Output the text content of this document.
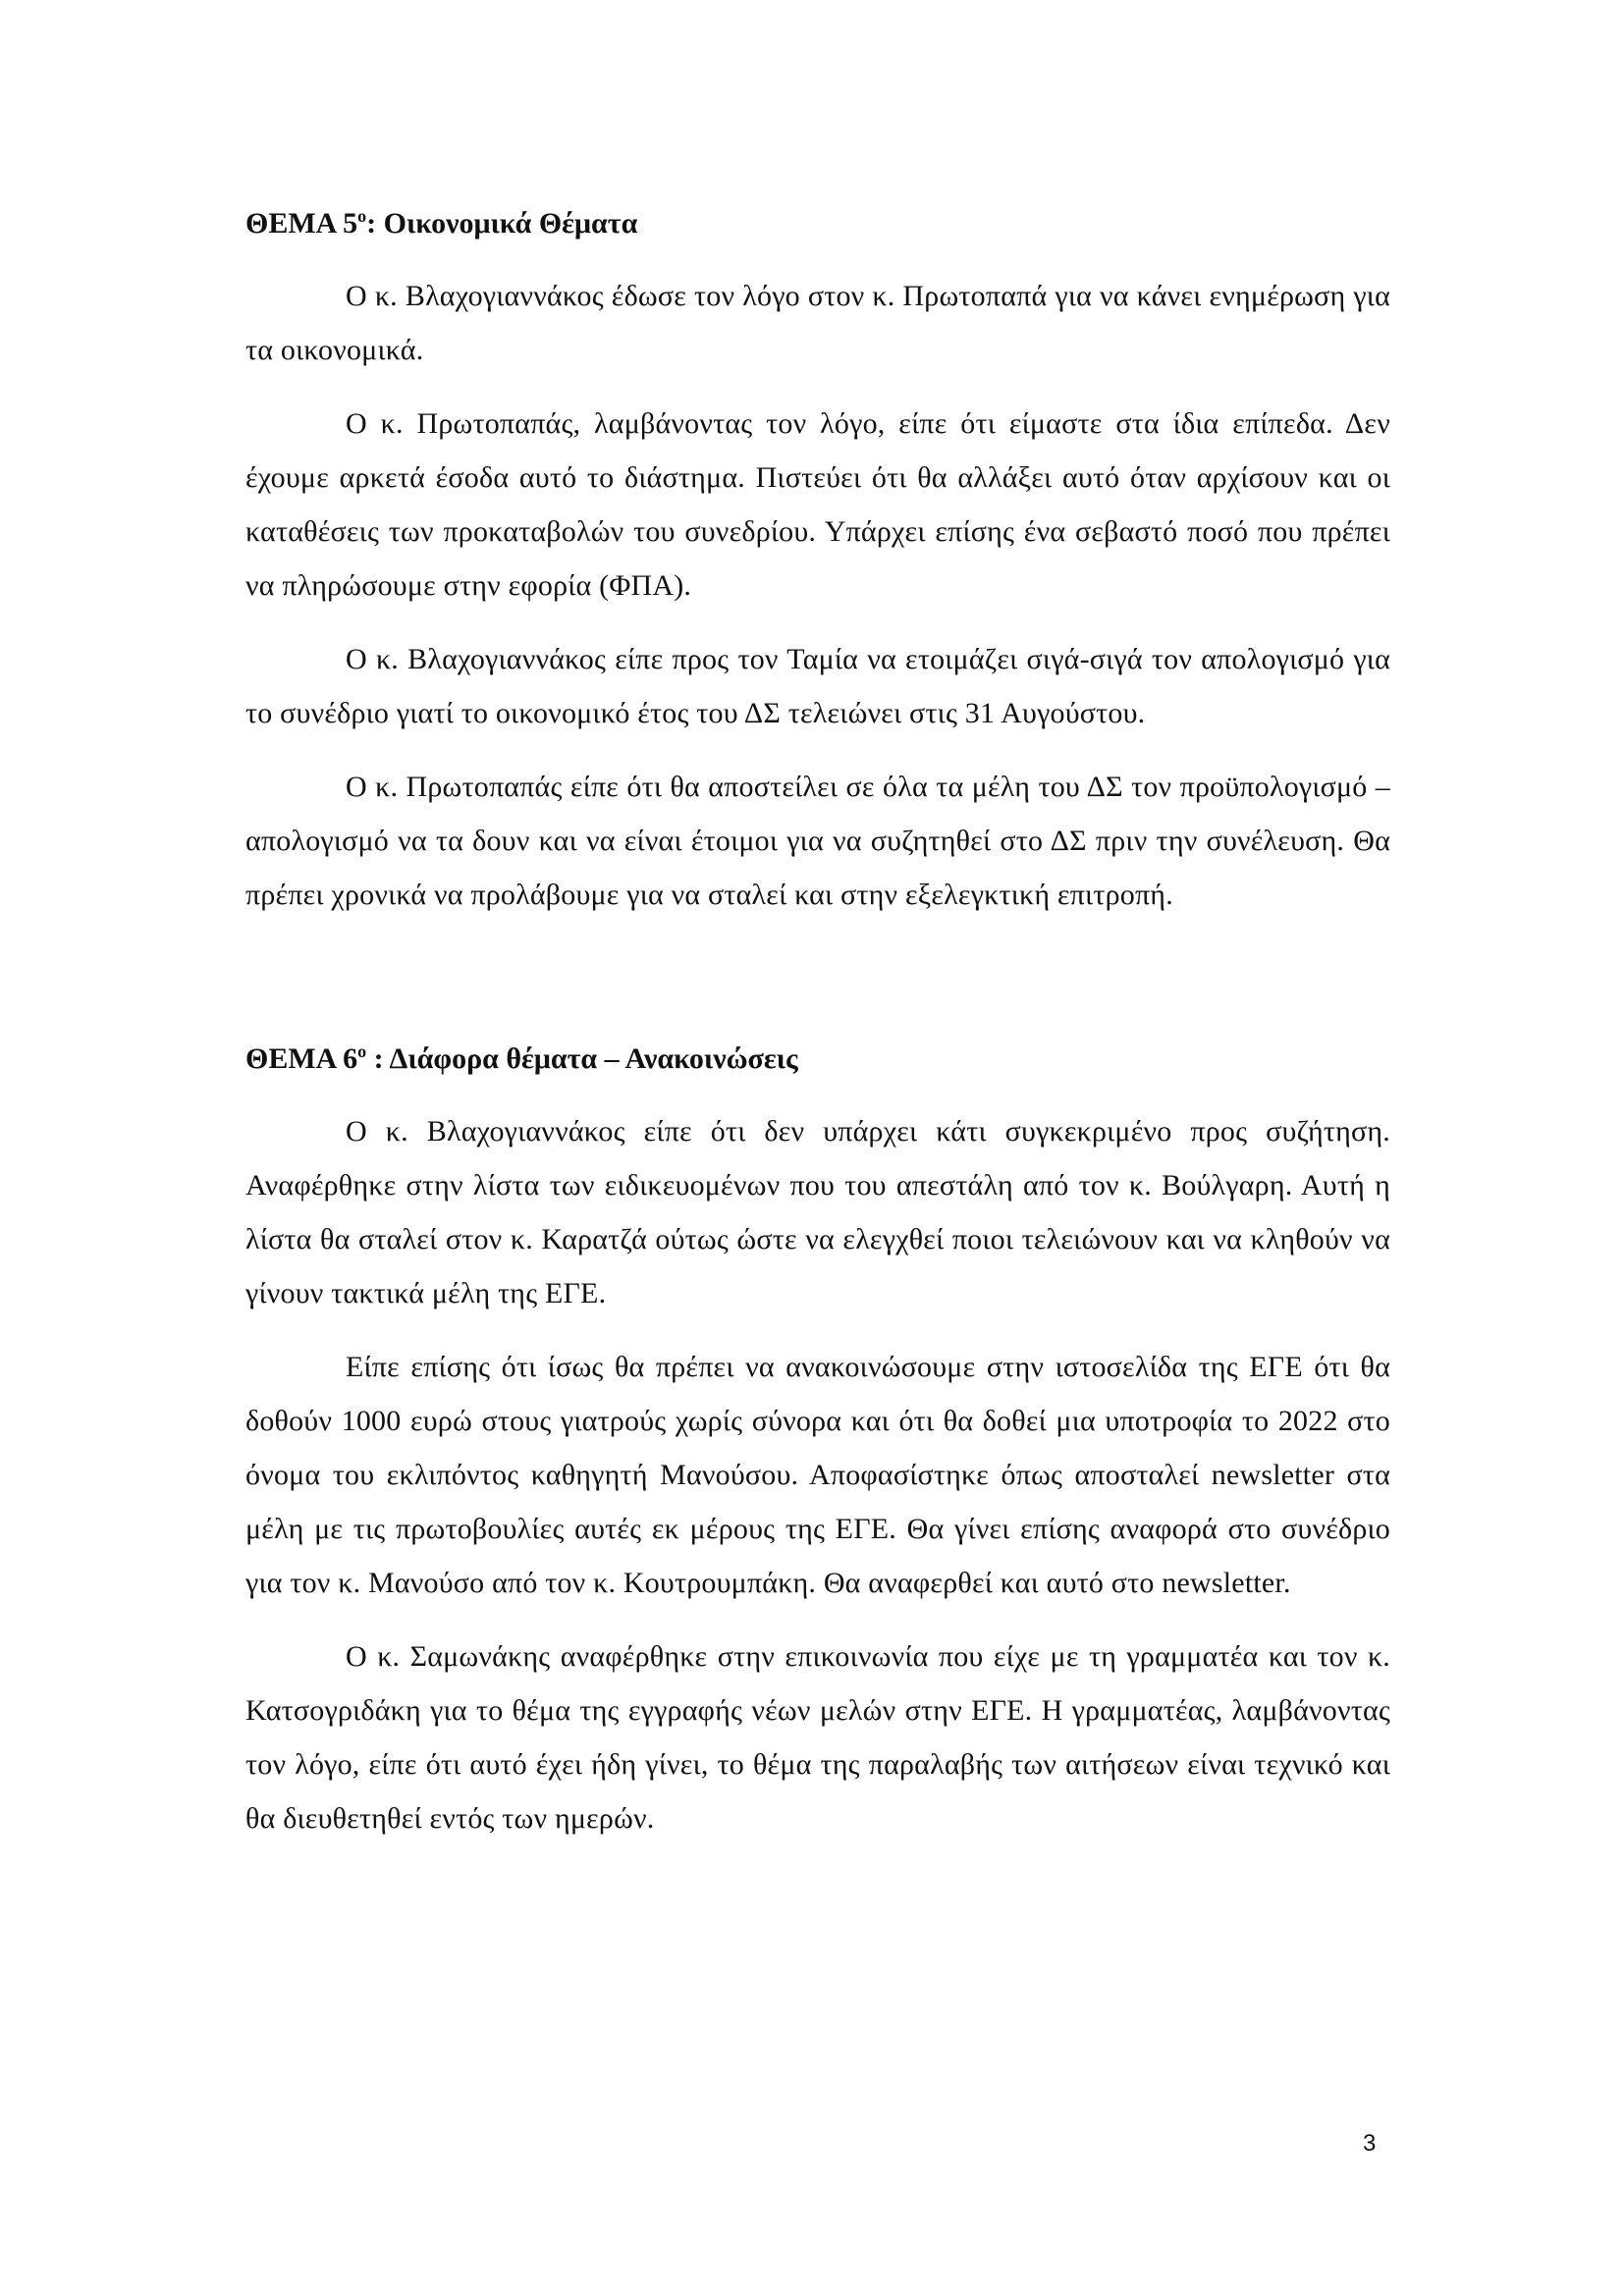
ΘΕΜΑ $5^o$: Οικονομικά Θέματα

Ο κ. Βλαχογιαννάκος έδωσε τον λόγο στον κ. Πρωτοπαπά για να κάνει ενημέρωση για τα οικονομικά.

Ο κ. Πρωτοπαπάς, λαμβάνοντας τον λόγο, είπε ότι είμαστε στα ίδια επίπεδα. Δεν έχουμε αρκετά έσοδα αυτό το διάστημα. Πιστεύει ότι θα αλλάξει αυτό όταν αρχίσουν και οι καταθέσεις των προκαταβολών του συνεδρίου. Υπάρχει επίσης ένα σεβαστό ποσό που πρέπει να πληρώσουμε στην εφορία (ΦΠΑ).

Ο κ. Βλαχογιαννάκος είπε προς τον Ταμία να ετοιμάζει σιγά-σιγά τον απολογισμό για το συνέδριο γιατί το οικονομικό έτος του ΔΣ τελειώνει στις 31 Αυγούστου.

Ο κ. Πρωτοπαπάς είπε ότι θα αποστείλει σε όλα τα μέλη του ΔΣ τον προϋπολογισμό – απολογισμό να τα δουν και να είναι έτοιμοι για να συζητηθεί στο ΔΣ πριν την συνέλευση. Θα πρέπει χρονικά να προλάβουμε για να σταλεί και στην εξελεγκτική επιτροπή.

ΘΕΜΑ $6^o$ : Διάφορα θέματα – Ανακοινώσεις

Ο κ. Βλαχογιαννάκος είπε ότι δεν υπάρχει κάτι συγκεκριμένο προς συζήτηση. Αναφέρθηκε στην λίστα των ειδικευομένων που του απεστάλη από τον κ. Βούλγαρη. Αυτή η λίστα θα σταλεί στον κ. Καρατζά ούτως ώστε να ελεγχθεί ποιοι τελειώνουν και να κληθούν να γίνουν τακτικά μέλη της ΕΓΕ.

Είπε επίσης ότι ίσως θα πρέπει να ανακοινώσουμε στην ιστοσελίδα της ΕΓΕ ότι θα δοθούν 1000 ευρώ στους γιατρούς χωρίς σύνορα και ότι θα δοθεί μια υποτροφία το 2022 στο όνομα του εκλιπόντος καθηγητή Μανούσου. Αποφασίστηκε όπως αποσταλεί newsletter στα μέλη με τις πρωτοβουλίες αυτές εκ μέρους της ΕΓΕ. Θα γίνει επίσης αναφορά στο συνέδριο για τον κ. Μανούσο από τον κ. Κουτρουμπάκη. Θα αναφερθεί και αυτό στο newsletter.

Ο κ. Σαμωνάκης αναφέρθηκε στην επικοινωνία που είχε με τη γραμματέα και τον κ. Κατσογριδάκη για το θέμα της εγγραφής νέων μελών στην ΕΓΕ. Η γραμματέας, λαμβάνοντας τον λόγο, είπε ότι αυτό έχει ήδη γίνει, το θέμα της παραλαβής των αιτήσεων είναι τεχνικό και θα διευθετηθεί εντός των ημερών.

3
